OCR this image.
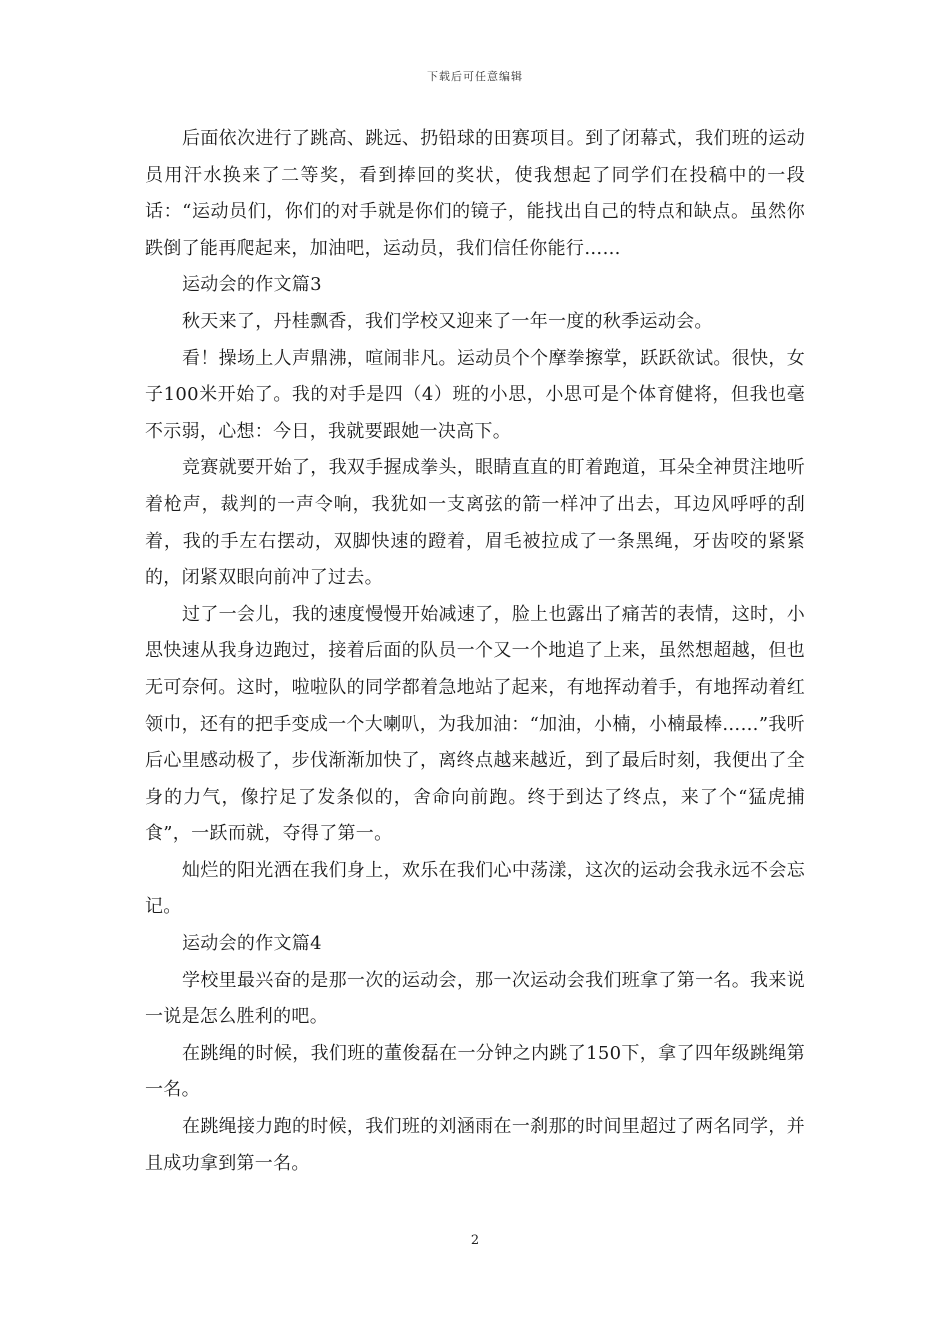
下载后可任意编辑

后面依次进行了跳高、跳远、扔铅球的田赛项目。到了闭幕式，我们班的运动员用汗水换来了二等奖，看到捧回的奖状，使我想起了同学们在投稿中的一段话：“运动员们，你们的对手就是你们的镜子，能找出自己的特点和缺点。虽然你跌倒了能再爬起来，加油吧，运动员，我们信任你能行……

运动会的作文篇3

秋天来了，丹桂飘香，我们学校又迎来了一年一度的秋季运动会。

看！操场上人声鼎沸，喧闹非凡。运动员个个摩拳擦掌，跃跃欲试。很快，女子100米开始了。我的对手是四（4）班的小思，小思可是个体育健将，但我也毫不示弱，心想：今日，我就要跟她一决高下。

竞赛就要开始了，我双手握成拳头，眼睛直直的盯着跑道，耳朵全神贯注地听着枪声，裁判的一声令响，我犹如一支离弦的箭一样冲了出去，耳边风呼呼的刮着，我的手左右摆动，双脚快速的蹬着，眉毛被拉成了一条黑绳，牙齿咬的紧紧的，闭紧双眼向前冲了过去。

过了一会儿，我的速度慢慢开始减速了，脸上也露出了痛苦的表情，这时，小思快速从我身边跑过，接着后面的队员一个又一个地追了上来，虽然想超越，但也无可奈何。这时，啦啦队的同学都着急地站了起来，有地挥动着手，有地挥动着红领巾，还有的把手变成一个大喇叭，为我加油：“加油，小楠，小楠最棒……”我听后心里感动极了，步伐渐渐加快了，离终点越来越近，到了最后时刻，我便出了全身的力气，像拧足了发条似的，舍命向前跑。终于到达了终点，来了个“猛虎捕食”，一跃而就，夺得了第一。

灿烂的阳光洒在我们身上，欢乐在我们心中荡漾，这次的运动会我永远不会忘记。

运动会的作文篇4

学校里最兴奋的是那一次的运动会，那一次运动会我们班拿了第一名。我来说一说是怎么胜利的吧。

在跳绳的时候，我们班的董俊磊在一分钟之内跳了150下，拿了四年级跳绳第一名。

在跳绳接力跑的时候，我们班的刘涵雨在一刹那的时间里超过了两名同学，并且成功拿到第一名。

2
